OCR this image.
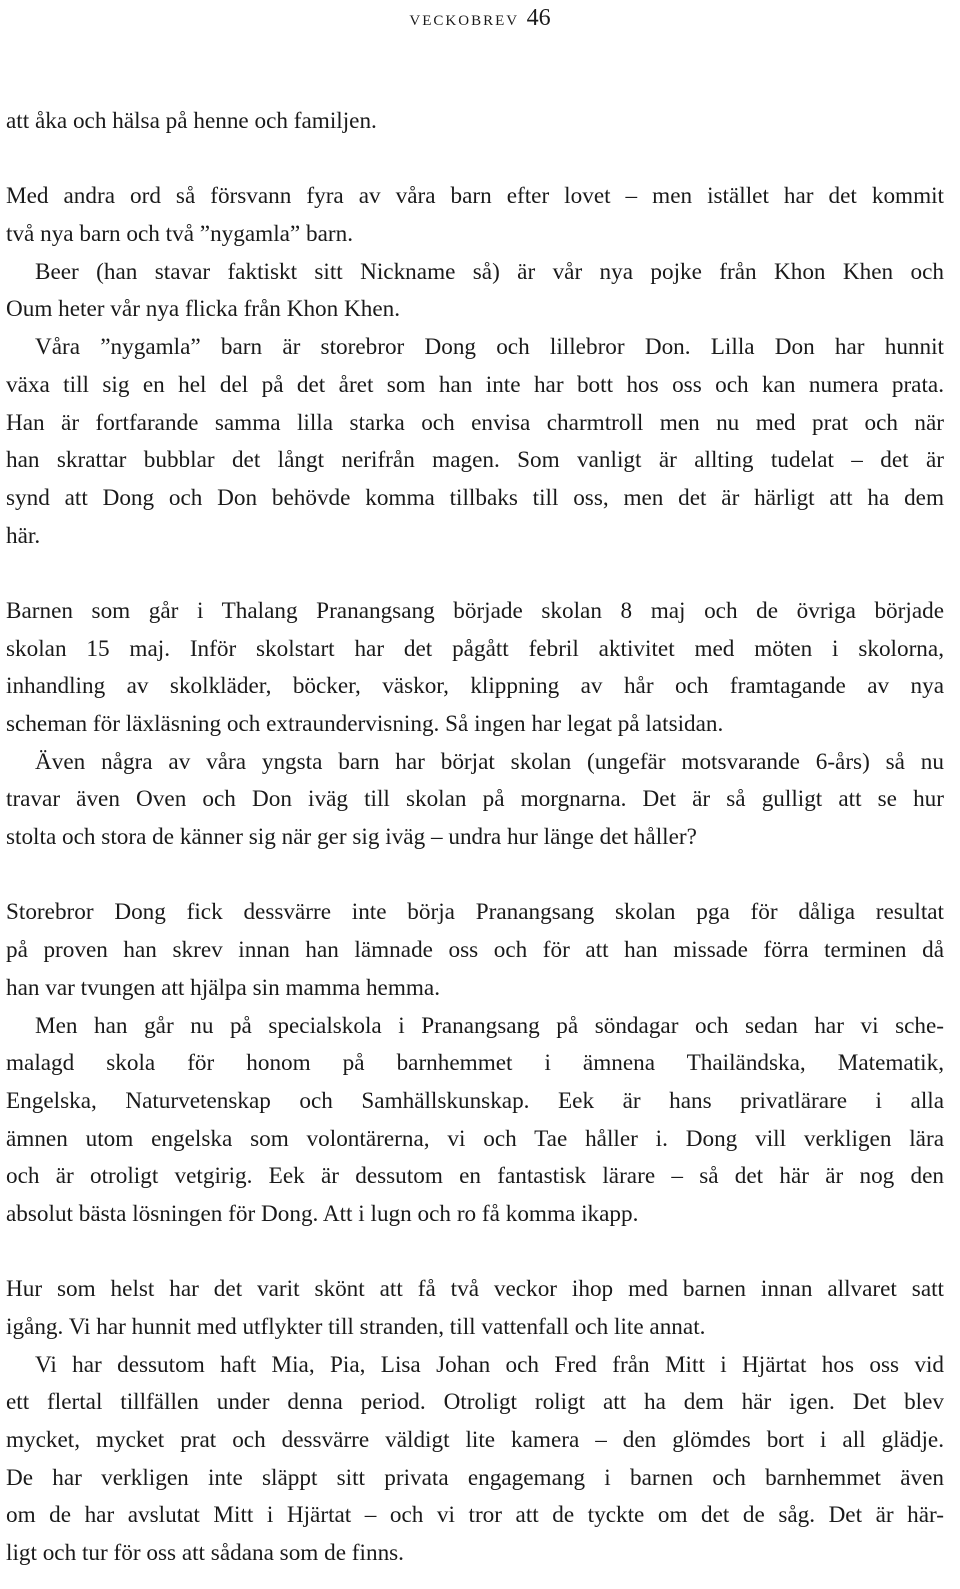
veckobrev 46
att åka och hälsa på henne och familjen.
Med andra ord så försvann fyra av våra barn efter lovet – men istället har det kommit
två nya barn och två ”nygamla” barn.
Beer (han stavar faktiskt sitt Nickname så) är vår nya pojke från Khon Khen och
Oum heter vår nya flicka från Khon Khen.
Våra ”nygamla” barn är storebror Dong och lillebror Don. Lilla Don har hunnit
växa till sig en hel del på det året som han inte har bott hos oss och kan numera prata.
Han är fortfarande samma lilla starka och envisa charmtroll men nu med prat och när
han skrattar bubblar det långt nerifrån magen. Som vanligt är allting tudelat – det är
synd att Dong och Don behövde komma tillbaks till oss, men det är härligt att ha dem
här.
Barnen som går i Thalang Pranangsang började skolan 8 maj och de övriga började
skolan 15 maj. Inför skolstart har det pågått febril aktivitet med möten i skolorna,
inhandling av skolkläder, böcker, väskor, klippning av hår och framtagande av nya
scheman för läxläsning och extraundervisning. Så ingen har legat på latsidan.
Även några av våra yngsta barn har börjat skolan (ungefär motsvarande 6-års) så nu
travar även Oven och Don iväg till skolan på morgnarna. Det är så gulligt att se hur
stolta och stora de känner sig när ger sig iväg – undra hur länge det håller?
Storebror Dong fick dessvärre inte börja Pranangsang skolan pga för dåliga resultat
på proven han skrev innan han lämnade oss och för att han missade förra terminen då
han var tvungen att hjälpa sin mamma hemma.
Men han går nu på specialskola i Pranangsang på söndagar och sedan har vi sche-
malagd skola för honom på barnhemmet i ämnena Thailändska, Matematik,
Engelska, Naturvetenskap och Samhällskunskap. Eek är hans privatlärare i alla
ämnen utom engelska som volontärerna, vi och Tae håller i. Dong vill verkligen lära
och är otroligt vetgirig. Eek är dessutom en fantastisk lärare – så det här är nog den
absolut bästa lösningen för Dong. Att i lugn och ro få komma ikapp.
Hur som helst har det varit skönt att få två veckor ihop med barnen innan allvaret satt
igång. Vi har hunnit med utflykter till stranden, till vattenfall och lite annat.
Vi har dessutom haft Mia, Pia, Lisa Johan och Fred från Mitt i Hjärtat hos oss vid
ett flertal tillfällen under denna period. Otroligt roligt att ha dem här igen. Det blev
mycket, mycket prat och dessvärre väldigt lite kamera – den glömdes bort i all glädje.
De har verkligen inte släppt sitt privata engagemang i barnen och barnhemmet även
om de har avslutat Mitt i Hjärtat – och vi tror att de tyckte om det de såg. Det är här-
ligt och tur för oss att sådana som de finns.
